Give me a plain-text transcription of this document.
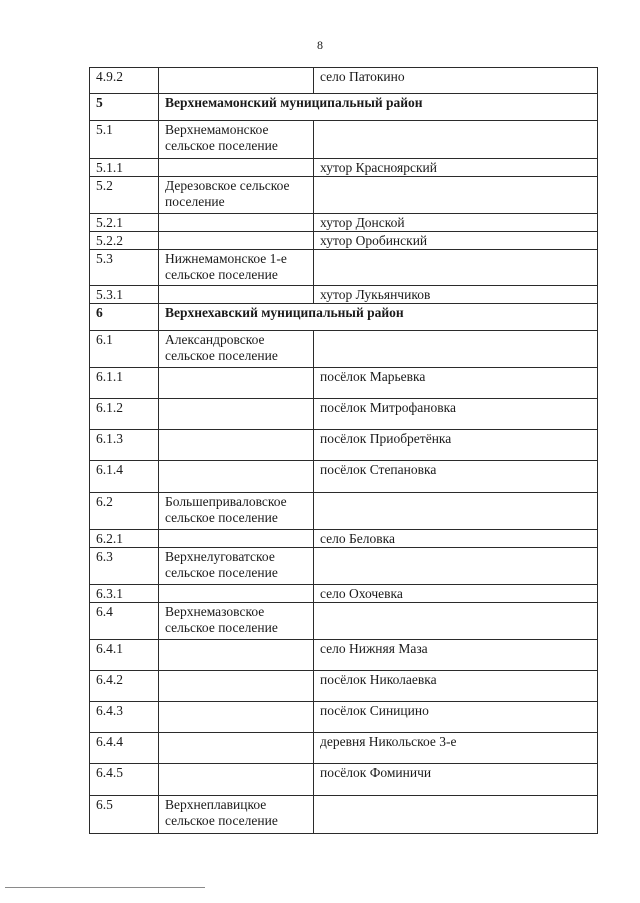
8
4.9.2		село Патокино
5	Верхнемамонский муниципальный район	
5.1	Верхнемамонское сельское поселение	
5.1.1		хутор Красноярский
5.2	Дерезовское сельское поселение	
5.2.1		хутор Донской
5.2.2		хутор Оробинский
5.3	Нижнемамонское 1-е сельское поселение	
5.3.1		хутор Лукьянчиков
6	Верхнехавский муниципальный район	
6.1	Александровское сельское поселение	
6.1.1		посёлок Марьевка
6.1.2		посёлок Митрофановка
6.1.3		посёлок Приобретёнка
6.1.4		посёлок Степановка
6.2	Большеприваловское сельское поселение	
6.2.1		село Беловка
6.3	Верхнелуговатское сельское поселение	
6.3.1		село Охочевка
6.4	Верхнемазовское сельское поселение	
6.4.1		село Нижняя Маза
6.4.2		посёлок Николаевка
6.4.3		посёлок Синицино
6.4.4		деревня Никольское 3-е
6.4.5		посёлок Фоминичи
6.5	Верхнеплавицкое сельское поселение	
